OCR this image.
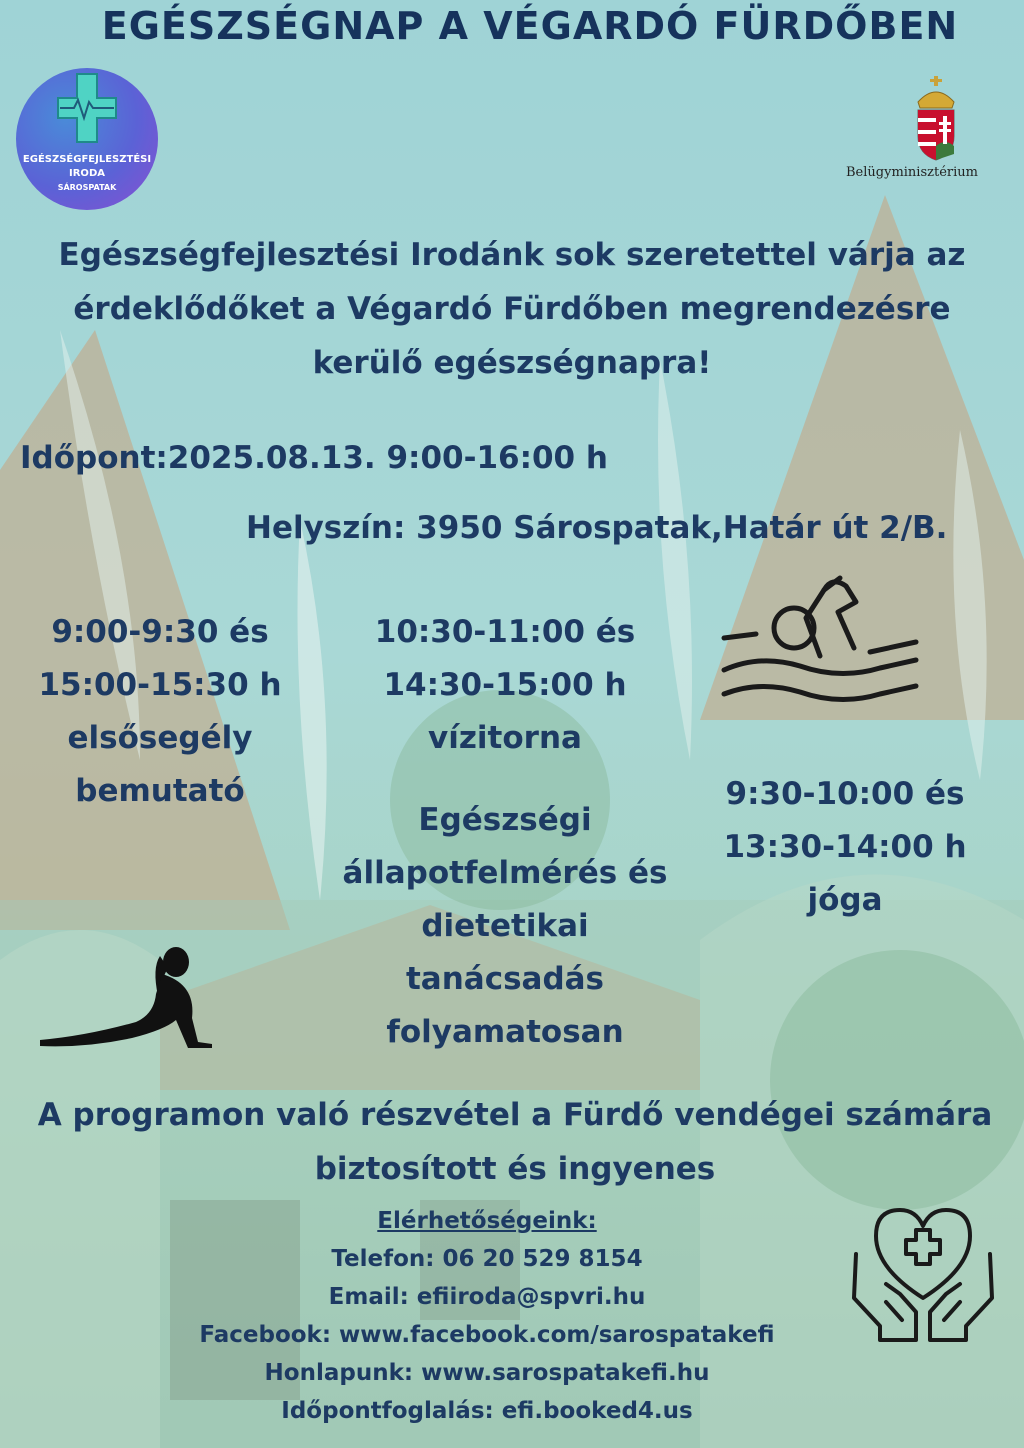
EGÉSZSÉGNAP A VÉGARDÓ FÜRDŐBEN
EGÉSZSÉGFEJLESZTÉSI
IRODA
SÁROSPATAK
Belügyminisztérium
Egészségfejlesztési Irodánk sok szeretettel várja az
érdeklődőket a Végardó Fürdőben megrendezésre
kerülő egészségnapra!
Időpont:2025.08.13. 9:00-16:00 h
Helyszín: 3950 Sárospatak,Határ út 2/B.
9:00-9:30 és
15:00-15:30 h
elsősegély
bemutató
10:30-11:00 és
14:30-15:00 h
vízitorna
9:30-10:00 és
13:30-14:00 h
jóga
Egészségi
állapotfelmérés és
dietetikai
tanácsadás
folyamatosan
A programon való részvétel a Fürdő vendégei számára
biztosított és ingyenes
Elérhetőségeink:
Telefon: 06 20 529 8154
Email: efiiroda@spvri.hu
Facebook: www.facebook.com/sarospatakefi
Honlapunk: www.sarospatakefi.hu
Időpontfoglalás: efi.booked4.us
